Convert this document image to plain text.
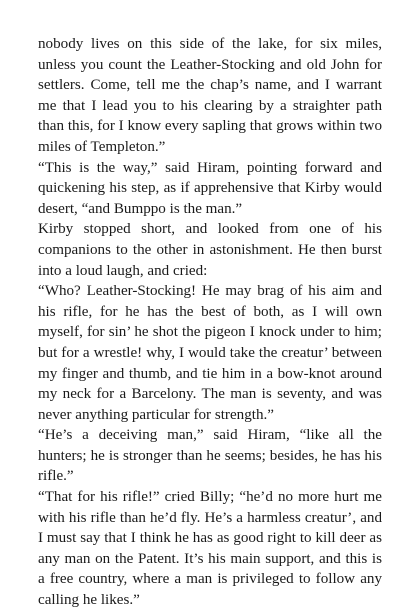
nobody lives on this side of the lake, for six miles, unless you count the Leather-Stocking and old John for settlers. Come, tell me the chap’s name, and I warrant me that I lead you to his clearing by a straighter path than this, for I know every sapling that grows within two miles of Templeton.”

“This is the way,” said Hiram, pointing forward and quickening his step, as if apprehensive that Kirby would desert, “and Bumppo is the man.”

Kirby stopped short, and looked from one of his companions to the other in astonishment. He then burst into a loud laugh, and cried:

“Who? Leather-Stocking! He may brag of his aim and his rifle, for he has the best of both, as I will own myself, for sin’ he shot the pigeon I knock under to him; but for a wrestle! why, I would take the creatur’ between my finger and thumb, and tie him in a bow-knot around my neck for a Barcelony. The man is seventy, and was never anything particular for strength.”

“He’s a deceiving man,” said Hiram, “like all the hunters; he is stronger than he seems; besides, he has his rifle.”

“That for his rifle!” cried Billy; “he’d no more hurt me with his rifle than he’d fly. He’s a harmless creatur’, and I must say that I think he has as good right to kill deer as any man on the Patent. It’s his main support, and this is a free country, where a man is privileged to follow any calling he likes.”
